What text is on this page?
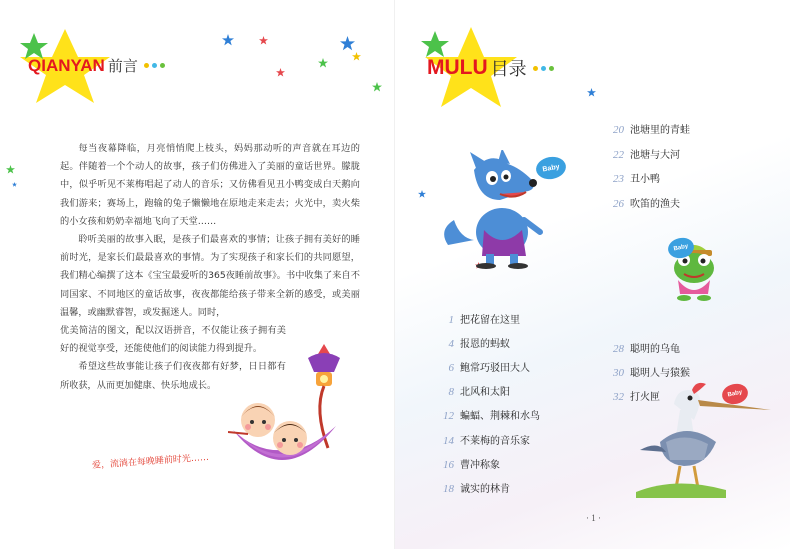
QIANYAN 前言

每当夜幕降临，月亮悄悄爬上枝头，妈妈那动听的声音就在耳边的起。伴随着一个个动人的故事，孩子们仿佛进入了美丽的童话世界。朦胧中，似乎听见不莱梅唱起了动人的音乐；又仿佛看见丑小鸭变成白天鹅向我们游来；赛场上，跑输的兔子懒懒地在原地走来走去；火光中，卖火柴的小女孩和奶奶幸福地飞向了天堂……

聆听美丽的故事入眠，是孩子们最喜欢的事情；让孩子拥有美好的睡前时光，是家长们最最喜欢的事情。为了实现孩子和家长们的共同愿望，我们精心编撰了这本《宝宝最爱听的365夜睡前故事》。书中收集了来自不同国家、不同地区的童话故事，夜夜都能给孩子带来全新的感受，或美丽温馨，或幽默睿智，或发掘迷人。同时，

优美简洁的图文，配以汉语拼音，不仅能让孩子拥有美好的视觉享受，还能使他们的阅读能力得到提升。

希望这些故事能让孩子们夜夜都有好梦，日日都有所收获，从而更加健康、快乐地成长。

爱，流淌在每晚睡前时光……
MULU 目录
Baby
Baby
Baby
20 池塘里的青蛙
22 池塘与大河
23 丑小鸭
26 吹笛的渔夫
1 把花留在这里
4 报恩的蚂蚁
6 鲍常巧驳田大人
8 北风和太阳
12 蝙蝠、荆棘和水鸟
14 不莱梅的音乐家
16 曹冲称象
18 诚实的林肯
28 聪明的乌龟
30 聪明人与猿猴
32 打火匣
· 1 ·
